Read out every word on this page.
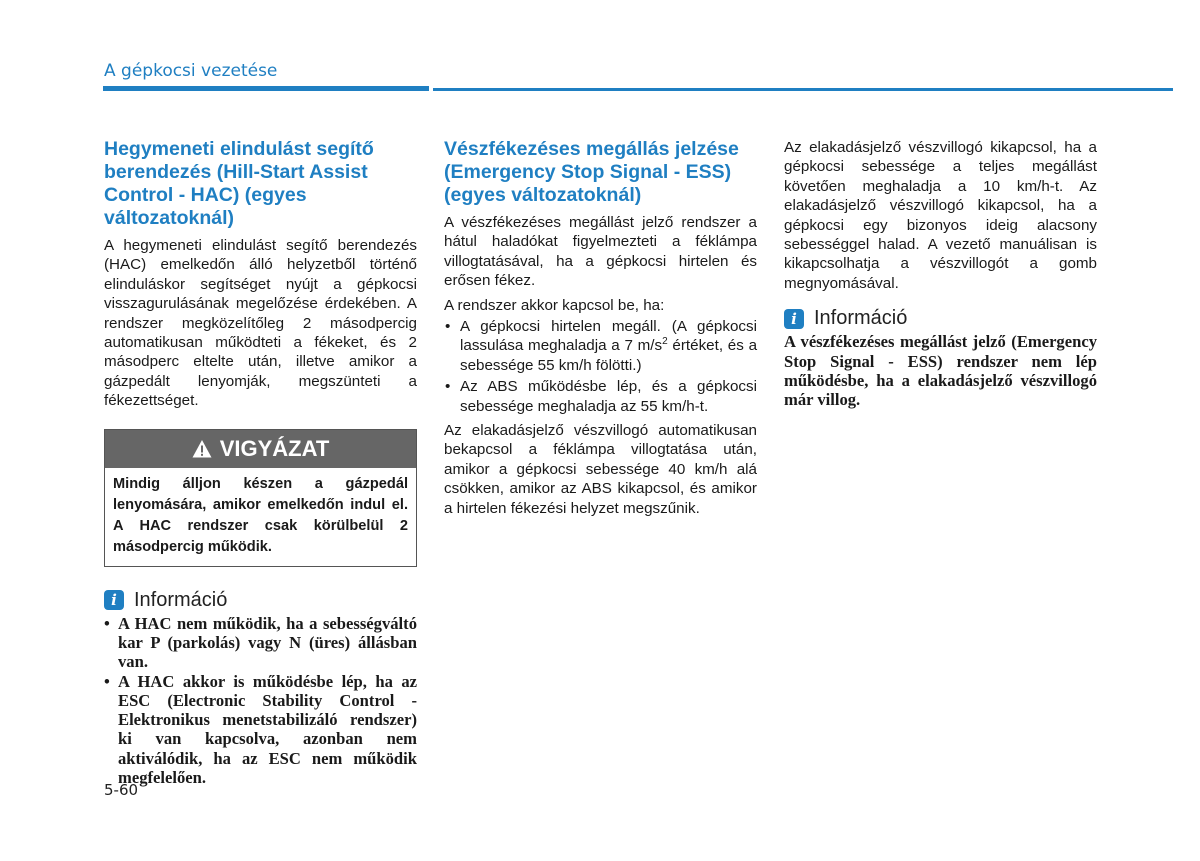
A gépkocsi vezetése
Hegymeneti elindulást segítő berendezés (Hill-Start Assist Control - HAC) (egyes változatoknál)

A hegymeneti elindulást segítő berendezés (HAC) emelkedőn álló helyzetből történő elinduláskor segítséget nyújt a gépkocsi visszagurulásának megelőzése érdekében. A rendszer megközelítőleg 2 másodpercig automatikusan működteti a fékeket, és 2 másodperc eltelte után, illetve amikor a gázpedált lenyomják, megszünteti a fékezettséget.

VIGYÁZAT
Mindig álljon készen a gázpedál lenyomására, amikor emelkedőn indul el. A HAC rendszer csak körülbelül 2 másodpercig működik.
i Információ
• A HAC nem működik, ha a sebességváltó kar P (parkolás) vagy N (üres) állásban van.
• A HAC akkor is működésbe lép, ha az ESC (Electronic Stability Control - Elektronikus menetstabilizáló rendszer) ki van kapcsolva, azonban nem aktiválódik, ha az ESC nem működik megfelelően.
Vészfékezéses megállás jelzése (Emergency Stop Signal - ESS) (egyes változatoknál)

A vészfékezéses megállást jelző rendszer a hátul haladókat figyelmezteti a féklámpa villogtatásával, ha a gépkocsi hirtelen és erősen fékez.

A rendszer akkor kapcsol be, ha:

• A gépkocsi hirtelen megáll. (A gépkocsi lassulása meghaladja a 7 $m/s^2$ értéket, és a sebessége 55 km/h fölötti.)
• Az ABS működésbe lép, és a gépkocsi sebessége meghaladja az 55 km/h-t.

Az elakadásjelző vészvillogó automatikusan bekapcsol a féklámpa villogtatása után, amikor a gépkocsi sebessége 40 km/h alá csökken, amikor az ABS kikapcsol, és amikor a hirtelen fékezési helyzet megszűnik.

Az elakadásjelző vészvillogó kikapcsol, ha a gépkocsi sebessége a teljes megállást követően meghaladja a 10 km/h-t. Az elakadásjelző vészvillogó kikapcsol, ha a gépkocsi egy bizonyos ideig alacsony sebességgel halad. A vezető manuálisan is kikapcsolhatja a vészvillogót a gomb megnyomásával.

i Információ

A vészfékezéses megállást jelző (Emergency Stop Signal - ESS) rendszer nem lép működésbe, ha a elakadásjelző vészvillogó már villog.

5-60
